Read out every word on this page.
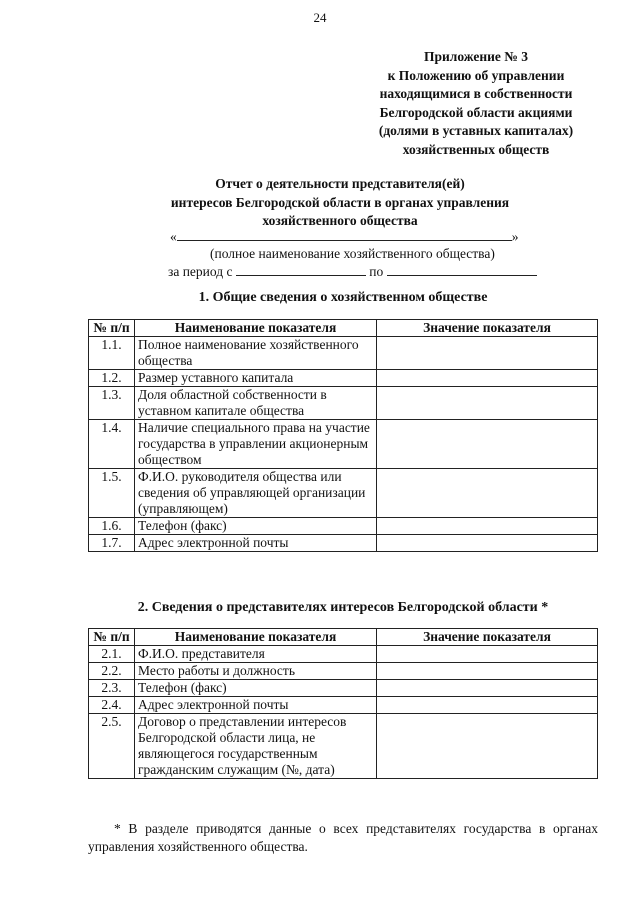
24
Приложение № 3
к Положению об управлении
находящимися в собственности
Белгородской области акциями
(долями в уставных капиталах)
хозяйственных обществ
Отчет о деятельности представителя(ей)
интересов Белгородской области в органах управления
хозяйственного общества
«	»
(полное наименование хозяйственного общества)
за период с	по
1. Общие сведения о хозяйственном обществе
№ п/п	Наименование показателя	Значение показателя
1.1.	Полное наименование хозяйственного общества	
1.2.	Размер уставного капитала	
1.3.	Доля областной собственности в уставном капитале общества	
1.4.	Наличие специального права на участие государства в управлении акционерным обществом	
1.5.	Ф.И.О. руководителя общества или сведения об управляющей организации (управляющем)	
1.6.	Телефон (факс)	
1.7.	Адрес электронной почты	
2. Сведения о представителях интересов Белгородской области *
№ п/п	Наименование показателя	Значение показателя
2.1.	Ф.И.О. представителя	
2.2.	Место работы и должность	
2.3.	Телефон (факс)	
2.4.	Адрес электронной почты	
2.5.	Договор о представлении интересов Белгородской области лица, не являющегося государственным гражданским служащим (№, дата)	
* В разделе приводятся данные о всех представителях государства в органах управления хозяйственного общества.
